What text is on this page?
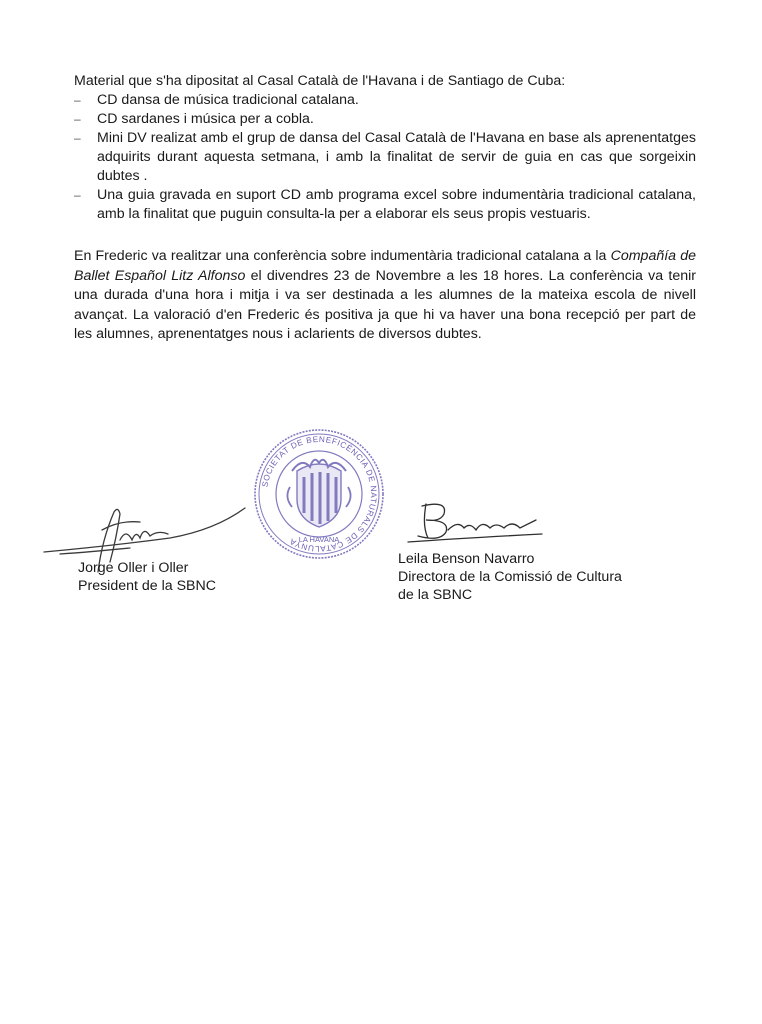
Material que s'ha dipositat al Casal Català de l'Havana i de Santiago de Cuba:
– CD dansa de música tradicional catalana.
– CD sardanes i música per a cobla.
– Mini DV realizat amb el grup de dansa del Casal Català de l'Havana en base als aprenentatges adquirits durant aquesta setmana, i amb la finalitat de servir de guia en cas que sorgeixin dubtes .
– Una guia gravada en suport CD amb programa excel sobre indumentària tradicional catalana, amb la finalitat que puguin consulta-la per a elaborar els seus propis vestuaris.

En Frederic va realitzar una conferència sobre indumentària tradicional catalana a la Compañía de Ballet Español Litz Alfonso el divendres 23 de Novembre a les 18 hores. La conferència va tenir una durada d'una hora i mitja i va ser destinada a les alumnes de la mateixa escola de nivell avançat. La valoració d'en Frederic és positiva ja que hi va haver una bona recepció per part de les alumnes, aprenentatges nous i aclarients de diversos dubtes.

SOCIETAT DE BENEFICÈNCIA DE NATURALS DE CATALUNYA LA HAVANA
Jorge Oller i Oller
President de la SBNC
Leila Benson Navarro
Directora de la Comissió de Cultura
de la SBNC
